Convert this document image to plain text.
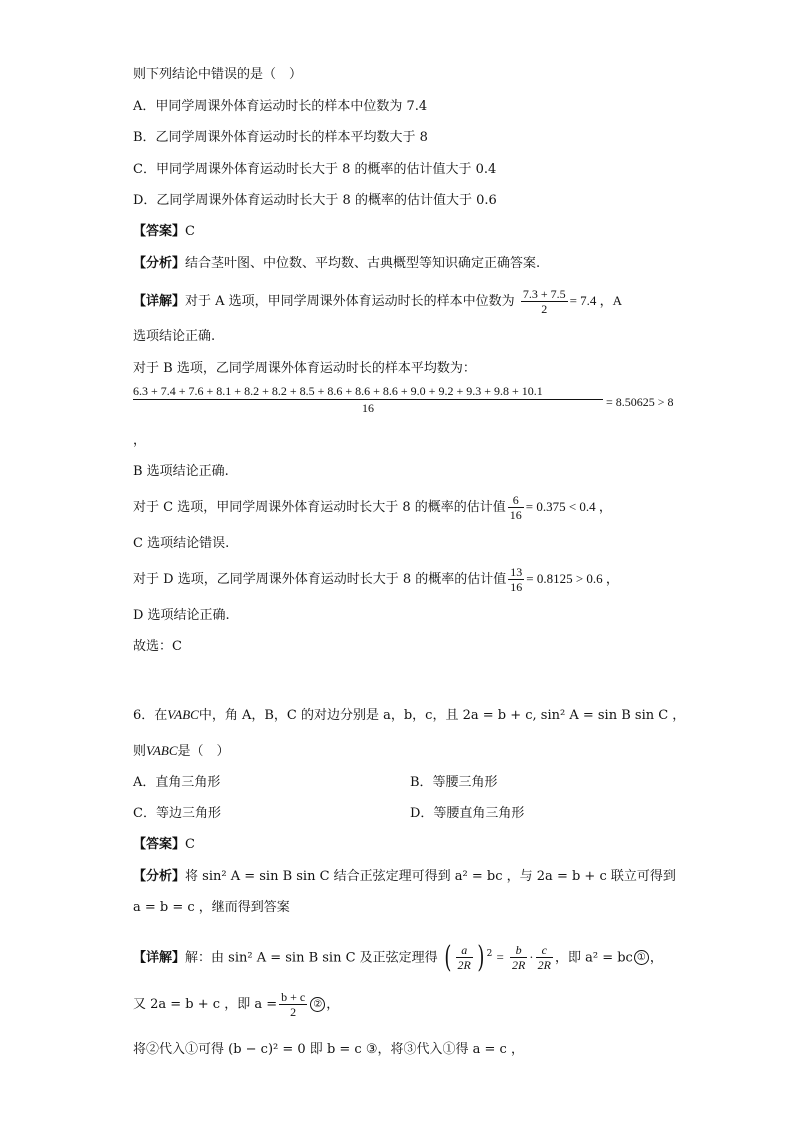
则下列结论中错误的是（　）
A．甲同学周课外体育运动时长的样本中位数为 7.4
B．乙同学周课外体育运动时长的样本平均数大于 8
C．甲同学周课外体育运动时长大于 8 的概率的估计值大于 0.4
D．乙同学周课外体育运动时长大于 8 的概率的估计值大于 0.6
【答案】C
【分析】结合茎叶图、中位数、平均数、古典概型等知识确定正确答案.
【详解】对于 A 选项，甲同学周课外体育运动时长的样本中位数为 $\frac{7.3 + 7.5}{2} = 7.4$ ，A
选项结论正确.
对于 B 选项，乙同学周课外体育运动时长的样本平均数为：
6.3 + 7.4 + 7.6 + 8.1 + 8.2 + 8.2 + 8.5 + 8.6 + 8.6 + 8.6 + 9.0 + 9.2 + 9.3 + 9.8 + 10.1
16	= 8.50625 > 8
，
B 选项结论正确.
对于 C 选项，甲同学周课外体育运动时长大于 8 的概率的估计值 $\frac{6}{16} = 0.375 < 0.4$ ，
C 选项结论错误.
对于 D 选项，乙同学周课外体育运动时长大于 8 的概率的估计值 $\frac{13}{16} = 0.8125 > 0.6$ ，
D 选项结论正确.
故选：C
6．在VABC中，角 A，B，C 的对边分别是 a，b，c，且 2a = b + c, sin² A = sin B sin C ，
则VABC是（　）
A．直角三角形	B．等腰三角形
C．等边三角形	D．等腰直角三角形
【答案】C
【分析】将 sin² A = sin B sin C 结合正弦定理可得到 a² = bc ，与 2a = b + c 联立可得到
a = b = c ，继而得到答案
【详解】解：由 sin² A = sin B sin C 及正弦定理得 ( $\frac{a}{2R}$ ) $^2 = \frac{b}{2R} \cdot \frac{c}{2R}$ ，即 a² = bc ① ，
又 2a = b + c ，即 $a = \frac{b + c}{2}$ ② ，
将②代入①可得 (b − c)² = 0 即 b = c ③，将③代入①得 a = c ，
